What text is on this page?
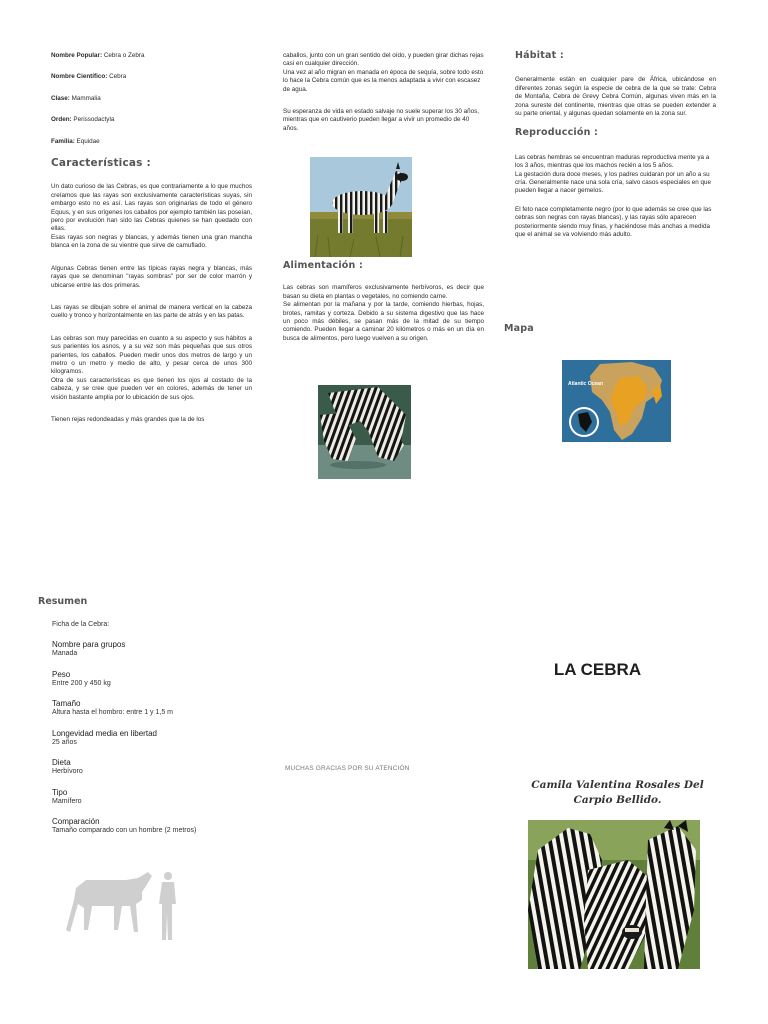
Nombre Popular: Cebra o Zebra
Nombre Científico: Cebra
Clase: Mammalia
Orden: Perissodactyla
Familia: Equidae
Características :

Un dato curioso de las Cebras, es que contrariamente a lo que muchos creíamos que las rayas son exclusivamente características suyas, sin embargo esto no es así. Las rayas son originarias de todo el género Equus, y en sus orígenes los caballos por ejemplo también las poseían, pero por evolución han sido las Cebras quienes se han quedado con ellas.

Esas rayas son negras y blancas, y además tienen una gran mancha blanca en la zona de su vientre que sirve de camuflado.

Algunas Cebras tienen entre las típicas rayas negra y blancas, más rayas que se denominan "rayas sombras" por ser de color marrón y ubicarse entre las dos primeras.

Las rayas se dibujan sobre el animal de manera vertical en la cabeza cuello y tronco y horizontalmente en las parte de atrás y en las patas.

Las cebras son muy parecidas en cuanto a su aspecto y sus hábitos a sus parientes los asnos, y a su vez son más pequeñas que sus otros parientes, los caballos. Pueden medir unos dos metros de largo y un metro o un metro y medio de alto, y pesar cerca de unos 300 kilogramos.

Otra de sus características es que tienen los ojos al costado de la cabeza, y se cree que pueden ver en colores, además de tener un visión bastante amplia por lo ubicación de sus ojos.

Tienen rejas redondeadas y más grandes que la de los

caballos, junto con un gran sentido del oído, y pueden girar dichas rejas casi en cualquier dirección.

Una vez al año migran en manada en época de sequía, sobre todo esto lo hace la Cebra común que es la menos adaptada a vivir con escasez de agua.

Su esperanza de vida en estado salvaje no suele superar los 30 años, mientras que en cautiverio pueden llegar a vivir un promedio de 40 años.

Alimentación :

Las cebras son mamíferos exclusivamente herbívoros, es decir que basan su dieta en plantas o vegetales, no comiendo carne.

Se alimentan por la mañana y por la tarde, comiendo hierbas, hojas, brotes, ramitas y corteza. Debido a su sistema digestivo que las hace un poco más débiles, se pasan más de la mitad de su tiempo comiendo. Pueden llegar a caminar 20 kilómetros o más en un día en busca de alimentos, pero luego vuelven a su origen.

Hábitat :

Generalmente están en cualquier pare de África, ubicándose en diferentes zonas según la especie de cebra de la que se trate: Cebra de Montaña, Cebra de Grevy Cebra Común, algunas viven más en la zona sureste del continente, mientras que otras se pueden extender a su parte oriental, y algunas quedan solamente en la zona sur.

Reproducción :

Las cebras hembras se encuentran maduras reproductiva mente ya a los 3 años, mientras que los machos recién a los 5 años.

La gestación dura doce meses, y los padres cuidaran por un año a su cría. Generalmente nace una sola cría, salvo casos especiales en que pueden llegar a nacer gemelos.

El feto nace completamente negro (por lo que además se cree que las cebras son negras con rayas blancas), y las rayas sólo aparecen posteriormente siendo muy finas, y haciéndose más anchas a medida que el animal se va volviendo más adulto.

Mapa
Atlantic Ocean
Resumen
Ficha de la Cebra:
Nombre para grupos
Manada
Peso
Entre 200 y 450 kg
Tamaño
Altura hasta el hombro: entre 1 y 1,5 m
Longevidad media en libertad
25 años
Dieta
Herbívoro
Tipo
Mamífero
Comparación
Tamaño comparado con un hombre (2 metros)
MUCHAS GRACIAS POR SU ATENCIÓN
LA CEBRA
Camila Valentina Rosales Del
Carpio Bellido.
